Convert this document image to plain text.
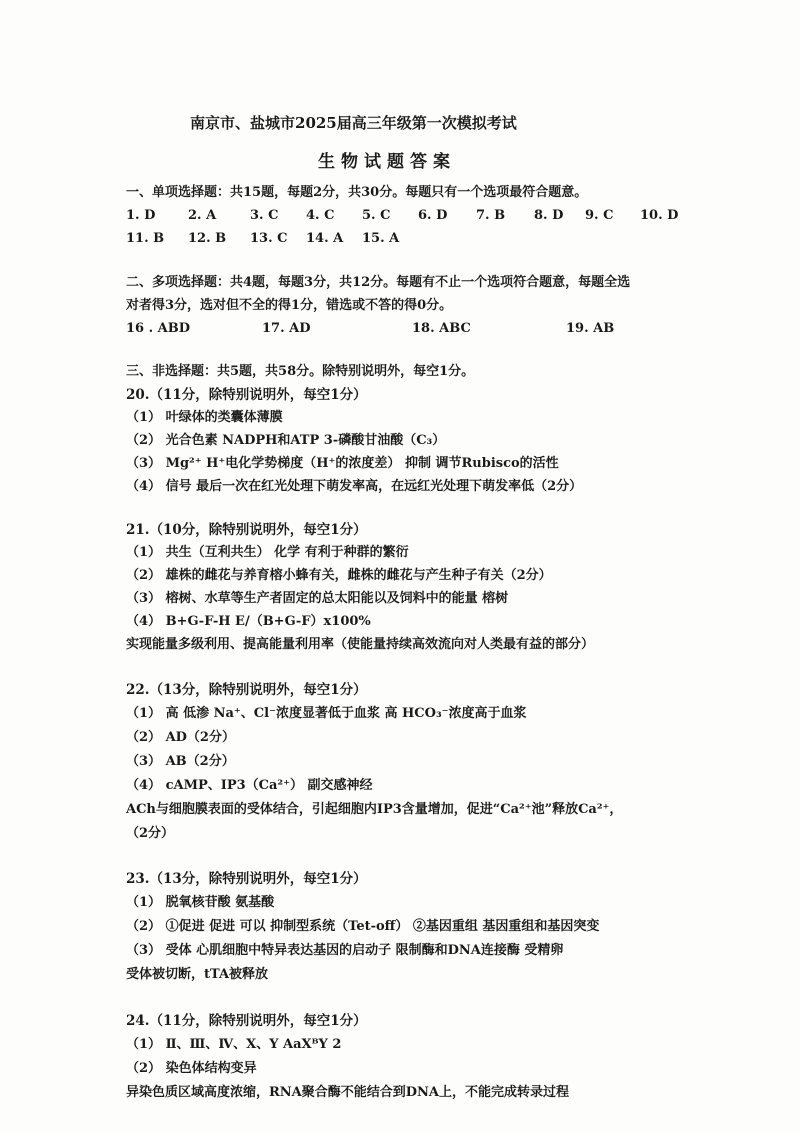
南京市、盐城市2025届高三年级第一次模拟考试
生物试题答案
一、单项选择题：共15题，每题2分，共30分。每题只有一个选项最符合题意。
1. D	2. A	3. C 4. C 5. C 6. D 7. B 8. D 9. C 10. D
11. B 12. B 13. C 14. A 15. A
二、多项选择题：共4题，每题3分，共12分。每题有不止一个选项符合题意，每题全选
对者得3分，选对但不全的得1分，错选或不答的得0分。
16 . ABD	17. AD	18. ABC	19. AB
三、非选择题：共5题，共58分。除特别说明外，每空1分。
20.（11分，除特别说明外，每空1分）
（1） 叶绿体的类囊体薄膜
（2） 光合色素 NADPH和ATP 3-磷酸甘油酸（C₃）
（3） Mg²⁺ H⁺电化学势梯度（H⁺的浓度差） 抑制 调节Rubisco的活性
（4） 信号 最后一次在红光处理下萌发率高，在远红光处理下萌发率低（2分）
21.（10分，除特别说明外，每空1分）
（1） 共生（互利共生） 化学 有利于种群的繁衍
（2） 雄株的雌花与养育榕小蜂有关，雌株的雌花与产生种子有关（2分）
（3） 榕树、水草等生产者固定的总太阳能以及饲料中的能量 榕树
（4） B+G-F-H E/（B+G-F）x100%
实现能量多级利用、提高能量利用率（使能量持续高效流向对人类最有益的部分）
22.（13分，除特别说明外，每空1分）
（1） 高 低渗 Na⁺、Cl⁻浓度显著低于血浆 高 HCO₃⁻浓度高于血浆
（2） AD（2分）
（3） AB（2分）
（4） cAMP、IP3（Ca²⁺） 副交感神经
ACh与细胞膜表面的受体结合，引起细胞内IP3含量增加，促进“Ca²⁺池”释放Ca²⁺，
（2分）
23.（13分，除特别说明外，每空1分）
（1） 脱氧核苷酸 氨基酸
（2） ①促进 促进 可以 抑制型系统（Tet-off） ②基因重组 基因重组和基因突变
（3） 受体 心肌细胞中特异表达基因的启动子 限制酶和DNA连接酶 受精卵
受体被切断，tTA被释放
24.（11分，除特别说明外，每空1分）
（1） Ⅱ、Ⅲ、Ⅳ、X、Y AaXᴮY 2
（2） 染色体结构变异
异染色质区域高度浓缩，RNA聚合酶不能结合到DNA上，不能完成转录过程
